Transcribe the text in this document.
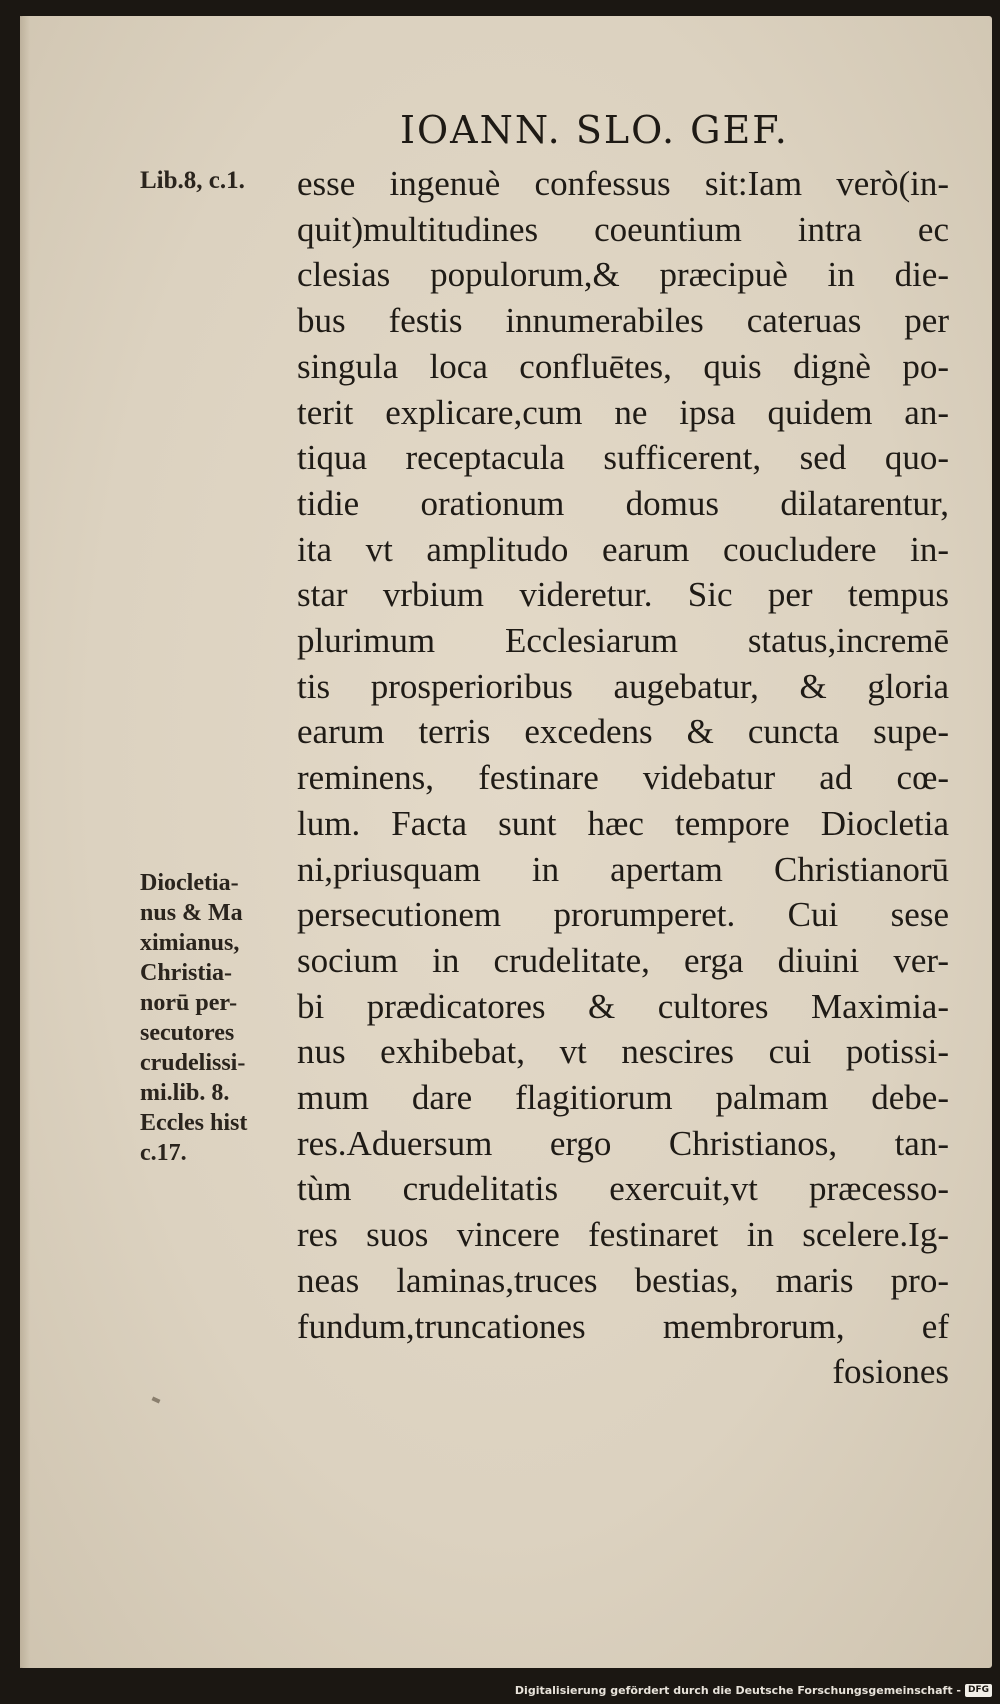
IOANN. SLO. GEF.
Lib.8, c.1. esse ingenuè confessus sit:Iam verò(in-
quit)multitudines coeuntium intra ec
clesias populorum,& præcipuè in die-
bus festis innumerabiles cateruas per
singula loca confluētes, quis dignè po-
terit explicare,cum ne ipsa quidem an-
tiqua receptacula sufficerent, sed quo-
tidie orationum domus dilatarentur,
ita vt amplitudo earum coucludere in-
star vrbium videretur. Sic per tempus
plurimum Ecclesiarum status,incremē
tis prosperioribus augebatur, & gloria
earum terris excedens & cuncta supe-
reminens, festinare videbatur ad cœ-
lum. Facta sunt hæc tempore Diocletia
ni,priusquam in apertam Christianorū
persecutionem prorumperet. Cui sese
socium in crudelitate, erga diuini ver-
bi prædicatores & cultores Maximia-
nus exhibebat, vt nescires cui potissi-
mum dare flagitiorum palmam debe-
res.Aduersum ergo Christianos, tan-
tùm crudelitatis exercuit,vt præcesso-
res suos vincere festinaret in scelere.Ig-
neas laminas,truces bestias, maris pro-
fundum,truncationes membrorum, ef
fosiones
Diocletia-
nus & Ma
ximianus,
Christia-
norū per-
secutores
crudelissi-
mi.lib. 8.
Eccles hist
c.17.
Digitalisierung gefördert durch die Deutsche Forschungsgemeinschaft - DFG
